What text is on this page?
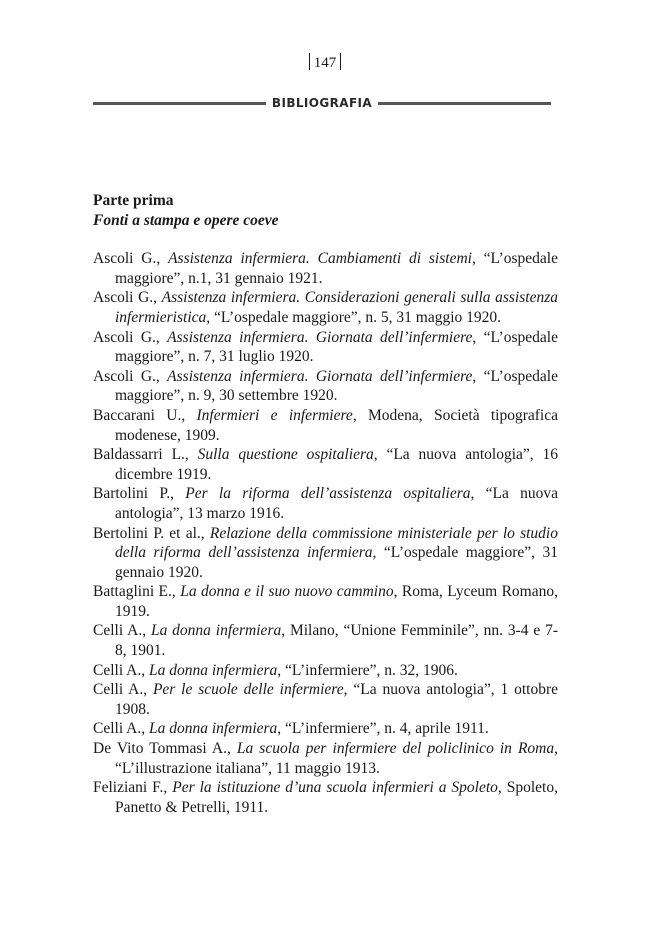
147
BIBLIOGRAFIA

Parte prima

Fonti a stampa e opere coeve

Ascoli G., Assistenza infermiera. Cambiamenti di sistemi, “L’ospedale maggiore”, n.1, 31 gennaio 1921.
Ascoli G., Assistenza infermiera. Considerazioni generali sulla assistenza infermieristica, “L’ospedale maggiore”, n. 5, 31 maggio 1920.
Ascoli G., Assistenza infermiera. Giornata dell’infermiere, “L’ospedale maggiore”, n. 7, 31 luglio 1920.
Ascoli G., Assistenza infermiera. Giornata dell’infermiere, “L’ospedale maggiore”, n. 9, 30 settembre 1920.
Baccarani U., Infermieri e infermiere, Modena, Società tipografica modenese, 1909.
Baldassarri L., Sulla questione ospitaliera, “La nuova antologia”, 16 dicembre 1919.
Bartolini P., Per la riforma dell’assistenza ospitaliera, “La nuova antologia”, 13 marzo 1916.
Bertolini P. et al., Relazione della commissione ministeriale per lo studio della riforma dell’assistenza infermiera, “L’ospedale maggiore”, 31 gennaio 1920.
Battaglini E., La donna e il suo nuovo cammino, Roma, Lyceum Romano, 1919.
Celli A., La donna infermiera, Milano, “Unione Femminile”, nn. 3-4 e 7-8, 1901.
Celli A., La donna infermiera, “L’infermiere”, n. 32, 1906.
Celli A., Per le scuole delle infermiere, “La nuova antologia”, 1 ottobre 1908.
Celli A., La donna infermiera, “L’infermiere”, n. 4, aprile 1911.
De Vito Tommasi A., La scuola per infermiere del policlinico in Roma, “L’illustrazione italiana”, 11 maggio 1913.
Feliziani F., Per la istituzione d’una scuola infermieri a Spoleto, Spoleto, Panetto & Petrelli, 1911.
